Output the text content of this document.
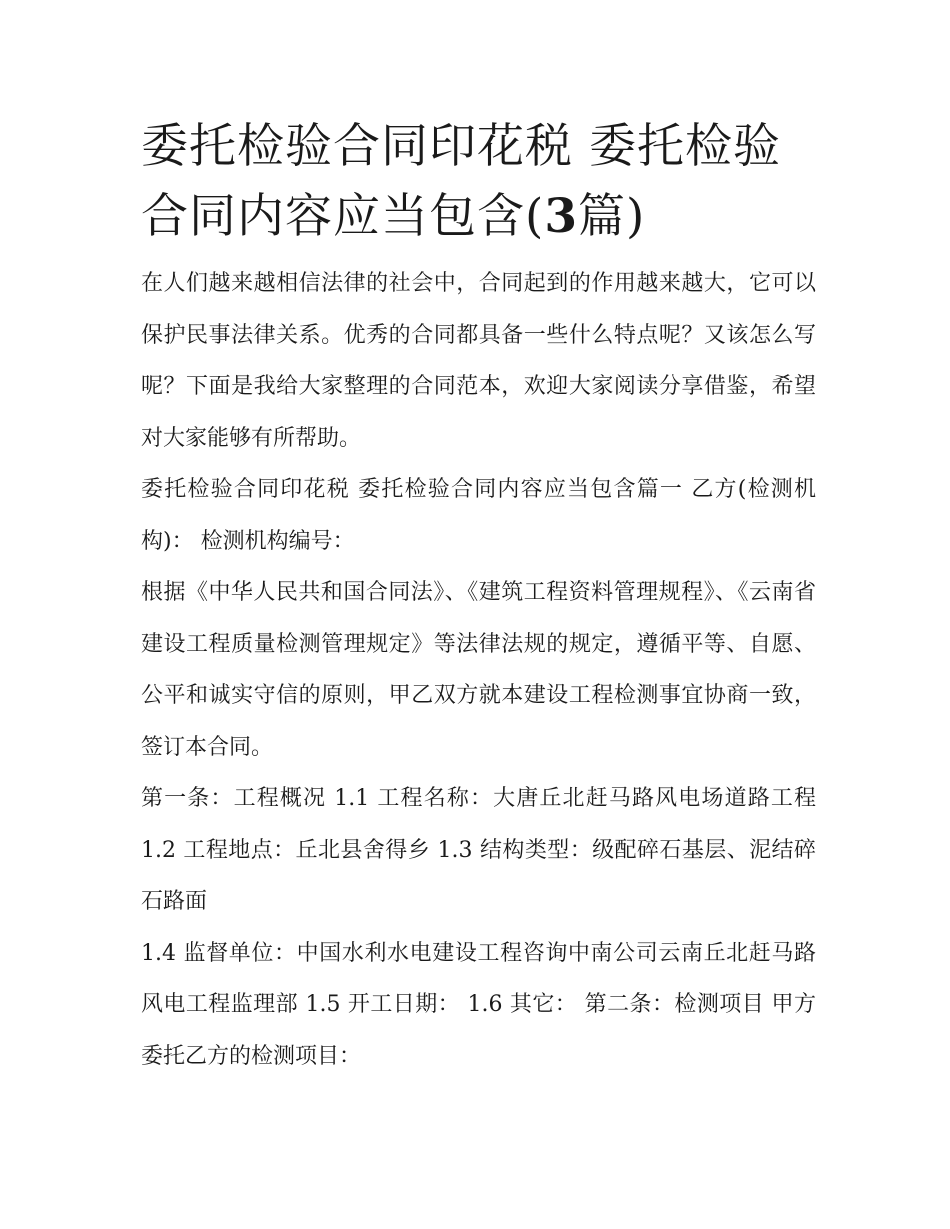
委托检验合同印花税 委托检验合同内容应当包含(3篇)

在人们越来越相信法律的社会中，合同起到的作用越来越大，它可以保护民事法律关系。优秀的合同都具备一些什么特点呢？又该怎么写呢？下面是我给大家整理的合同范本，欢迎大家阅读分享借鉴，希望对大家能够有所帮助。

委托检验合同印花税 委托检验合同内容应当包含篇一 乙方(检测机构)： 检测机构编号：

根据《中华人民共和国合同法》、《建筑工程资料管理规程》、《云南省建设工程质量检测管理规定》等法律法规的规定，遵循平等、自愿、公平和诚实守信的原则，甲乙双方就本建设工程检测事宜协商一致，签订本合同。

第一条：工程概况 1.1 工程名称：大唐丘北赶马路风电场道路工程 1.2 工程地点：丘北县舍得乡 1.3 结构类型：级配碎石基层、泥结碎石路面

1.4 监督单位：中国水利水电建设工程咨询中南公司云南丘北赶马路风电工程监理部 1.5 开工日期： 1.6 其它： 第二条：检测项目 甲方委托乙方的检测项目：
